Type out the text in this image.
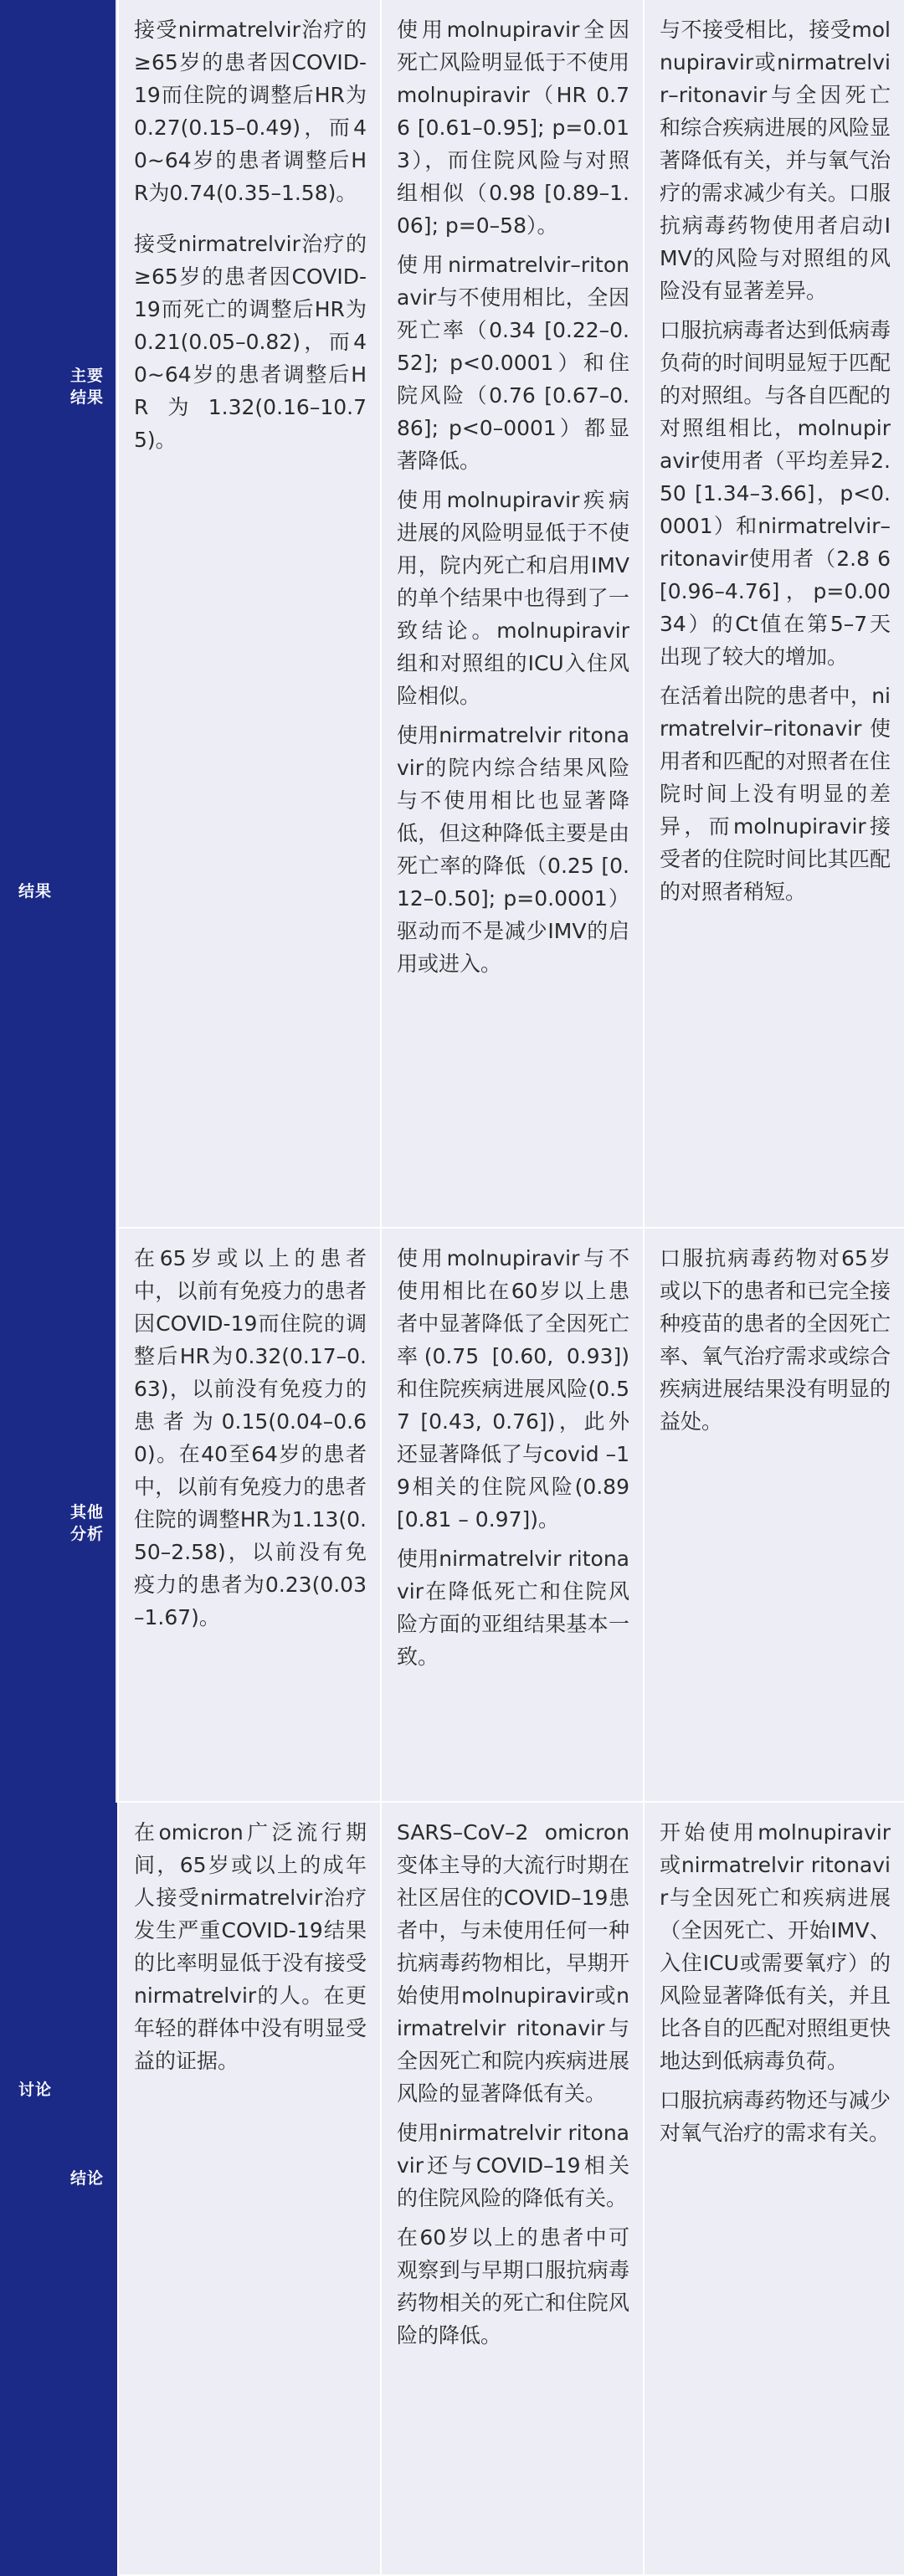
结果
主要
结果
其他
分析

接受nirmatrelvir治疗的≥65岁的患者因COVID-19而住院的调整后HR为0.27(0.15–0.49)，而40~64岁的患者调整后HR为0.74(0.35–1.58)。

接受nirmatrelvir治疗的≥65岁的患者因COVID-19而死亡的调整后HR为0.21(0.05–0.82)，而40~64岁的患者调整后HR为1.32(0.16–10.75)。

使用molnupiravir全因死亡风险明显低于不使用molnupiravir（HR 0.76 [0.61–0.95]; p=0.013），而住院风险与对照组相似（0.98 [0.89–1.06]; p=0–58）。

使用nirmatrelvir–ritonavir与不使用相比，全因死亡率（0.34 [0.22–0.52]; p<0.0001）和住院风险（0.76 [0.67–0.86]; p<0–0001）都显著降低。

使用molnupiravir疾病进展的风险明显低于不使用，院内死亡和启用IMV的单个结果中也得到了一致结论。molnupiravir组和对照组的ICU入住风险相似。

使用nirmatrelvir ritonavir的院内综合结果风险与不使用相比也显著降低，但这种降低主要是由死亡率的降低（0.25 [0.12–0.50]; p=0.0001）驱动而不是减少IMV的启用或进入。

与不接受相比，接受molnupiravir或nirmatrelvir–ritonavir与全因死亡和综合疾病进展的风险显著降低有关，并与氧气治疗的需求减少有关。口服抗病毒药物使用者启动IMV的风险与对照组的风险没有显著差异。

口服抗病毒者达到低病毒负荷的时间明显短于匹配的对照组。与各自匹配的对照组相比，molnupiravir使用者（平均差异2.50 [1.34–3.66]，p<0.0001）和nirmatrelvir–ritonavir使用者（2.8 6[0.96–4.76]，p=0.0034）的Ct值在第5–7天出现了较大的增加。

在活着出院的患者中，nirmatrelvir–ritonavir使用者和匹配的对照者在住院时间上没有明显的差异，而molnupiravir接受者的住院时间比其匹配的对照者稍短。

在65岁或以上的患者中，以前有免疫力的患者因COVID-19而住院的调整后HR为0.32(0.17–0.63)，以前没有免疫力的患者为0.15(0.04–0.60)。在40至64岁的患者中，以前有免疫力的患者住院的调整HR为1.13(0.50–2.58)，以前没有免疫力的患者为0.23(0.03–1.67)。

使用molnupiravir与不使用相比在60岁以上患者中显著降低了全因死亡率(0.75 [0.60, 0.93])和住院疾病进展风险(0.57 [0.43, 0.76])，此外还显著降低了与covid –19相关的住院风险(0.89 [0.81 – 0.97])。

使用nirmatrelvir ritonavir在降低死亡和住院风险方面的亚组结果基本一致。

口服抗病毒药物对65岁或以下的患者和已完全接种疫苗的患者的全因死亡率、氧气治疗需求或综合疾病进展结果没有明显的益处。

讨论
结论

在omicron广泛流行期间，65岁或以上的成年人接受nirmatrelvir治疗发生严重COVID-19结果的比率明显低于没有接受nirmatrelvir的人。在更年轻的群体中没有明显受益的证据。

SARS–CoV–2 omicron变体主导的大流行时期在社区居住的COVID–19患者中，与未使用任何一种抗病毒药物相比，早期开始使用molnupiravir或nirmatrelvir ritonavir与全因死亡和院内疾病进展风险的显著降低有关。

使用nirmatrelvir ritonavir还与COVID–19相关的住院风险的降低有关。

在60岁以上的患者中可观察到与早期口服抗病毒药物相关的死亡和住院风险的降低。

开始使用molnupiravir或nirmatrelvir ritonavir与全因死亡和疾病进展（全因死亡、开始IMV、入住ICU或需要氧疗）的风险显著降低有关，并且比各自的匹配对照组更快地达到低病毒负荷。

口服抗病毒药物还与减少对氧气治疗的需求有关。
